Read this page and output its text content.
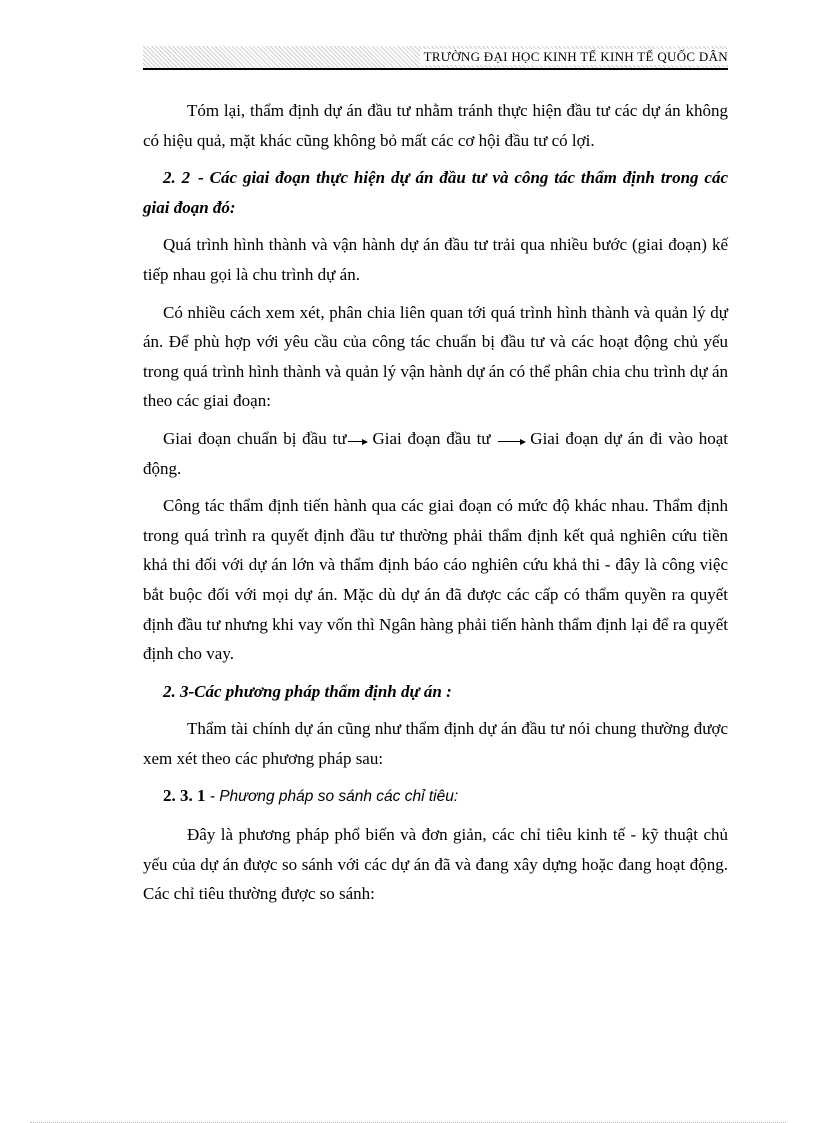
TRƯỜNG ĐẠI HỌC KINH TẾ KINH TẾ QUỐC DÂN

Tóm lại, thẩm định dự án đầu tư nhằm tránh thực hiện đầu tư các dự án không có hiệu quả, mặt khác cũng không bỏ mất các cơ hội đầu tư có lợi.

2. 2 - Các giai đoạn thực hiện dự án đầu tư và công tác thẩm định trong các giai đoạn đó:

Quá trình hình thành và vận hành dự án đầu tư trải qua nhiều bước (giai đoạn) kế tiếp nhau gọi là chu trình dự án.

Có nhiều cách xem xét, phân chia liên quan tới quá trình hình thành và quản lý dự án. Để phù hợp với yêu cầu của công tác chuẩn bị đầu tư và các hoạt động chủ yếu trong quá trình hình thành và quản lý vận hành dự án có thể phân chia chu trình dự án theo các giai đoạn:

Giai đoạn chuẩn bị đầu tư Giai đoạn đầu tư Giai đoạn dự án đi vào hoạt động.

Công tác thẩm định tiến hành qua các giai đoạn có mức độ khác nhau. Thẩm định trong quá trình ra quyết định đầu tư thường phải thẩm định kết quả nghiên cứu tiền khả thi đối với dự án lớn và thẩm định báo cáo nghiên cứu khả thi - đây là công việc bắt buộc đối với mọi dự án. Mặc dù dự án đã được các cấp có thẩm quyền ra quyết định đầu tư nhưng khi vay vốn thì Ngân hàng phải tiến hành thẩm định lại để ra quyết định cho vay.

2. 3-Các phương pháp thẩm định dự án :

Thẩm tài chính dự án cũng như thẩm định dự án đầu tư nói chung thường được xem xét theo các phương pháp sau:

2. 3. 1 - Phương pháp so sánh các chỉ tiêu:

Đây là phương pháp phổ biến và đơn giản, các chỉ tiêu kinh tế - kỹ thuật chủ yếu của dự án được so sánh với các dự án đã và đang xây dựng hoặc đang hoạt động. Các chỉ tiêu thường được so sánh:
